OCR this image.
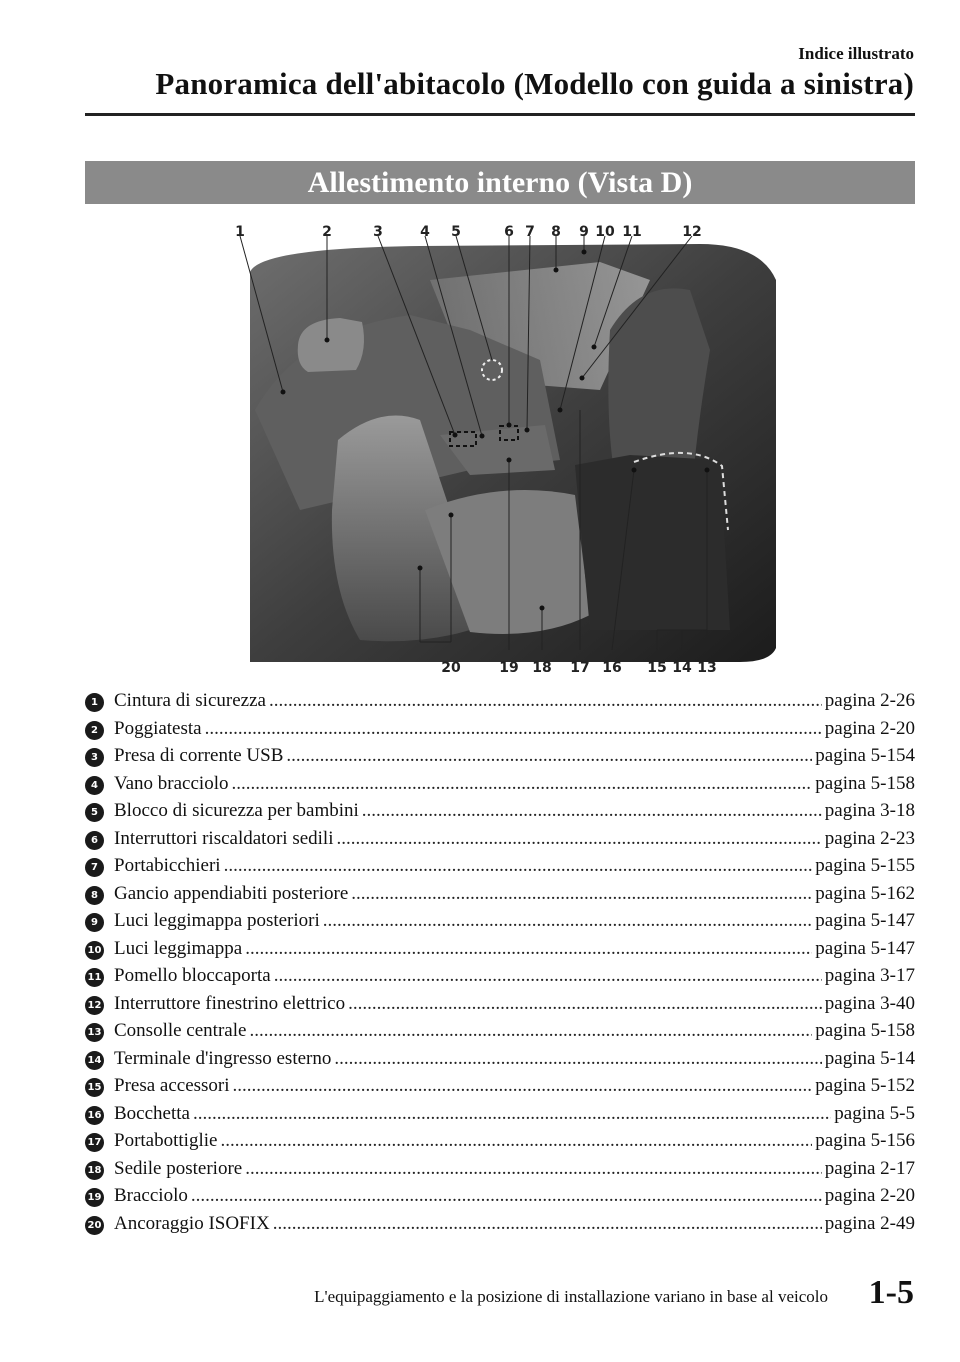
Indice illustrato
Panoramica dell'abitacolo (Modello con guida a sinistra)
Allestimento interno (Vista D)
1	2	3	4 5	6 7 8 9 10 11	12
20	19 18 17 16 15 14 13
1 Cintura di sicurezza .....	pagina 2-26
2 Poggiatesta .....	pagina 2-20
3 Presa di corrente USB .....	pagina 5-154
4 Vano bracciolo .....	pagina 5-158
5 Blocco di sicurezza per bambini .....	pagina 3-18
6 Interruttori riscaldatori sedili .....	pagina 2-23
7 Portabicchieri .....	pagina 5-155
8 Gancio appendiabiti posteriore .....	pagina 5-162
9 Luci leggimappa posteriori .....	pagina 5-147
10 Luci leggimappa .....	pagina 5-147
11 Pomello bloccaporta .....	pagina 3-17
12 Interruttore finestrino elettrico .....	pagina 3-40
13 Consolle centrale .....	pagina 5-158
14 Terminale d'ingresso esterno .....	pagina 5-14
15 Presa accessori .....	pagina 5-152
16 Bocchetta .....	pagina 5-5
17 Portabottiglie .....	pagina 5-156
18 Sedile posteriore .....	pagina 2-17
19 Bracciolo .....	pagina 2-20
20 Ancoraggio ISOFIX .....	pagina 2-49
L'equipaggiamento e la posizione di installazione variano in base al veicolo 1-5
